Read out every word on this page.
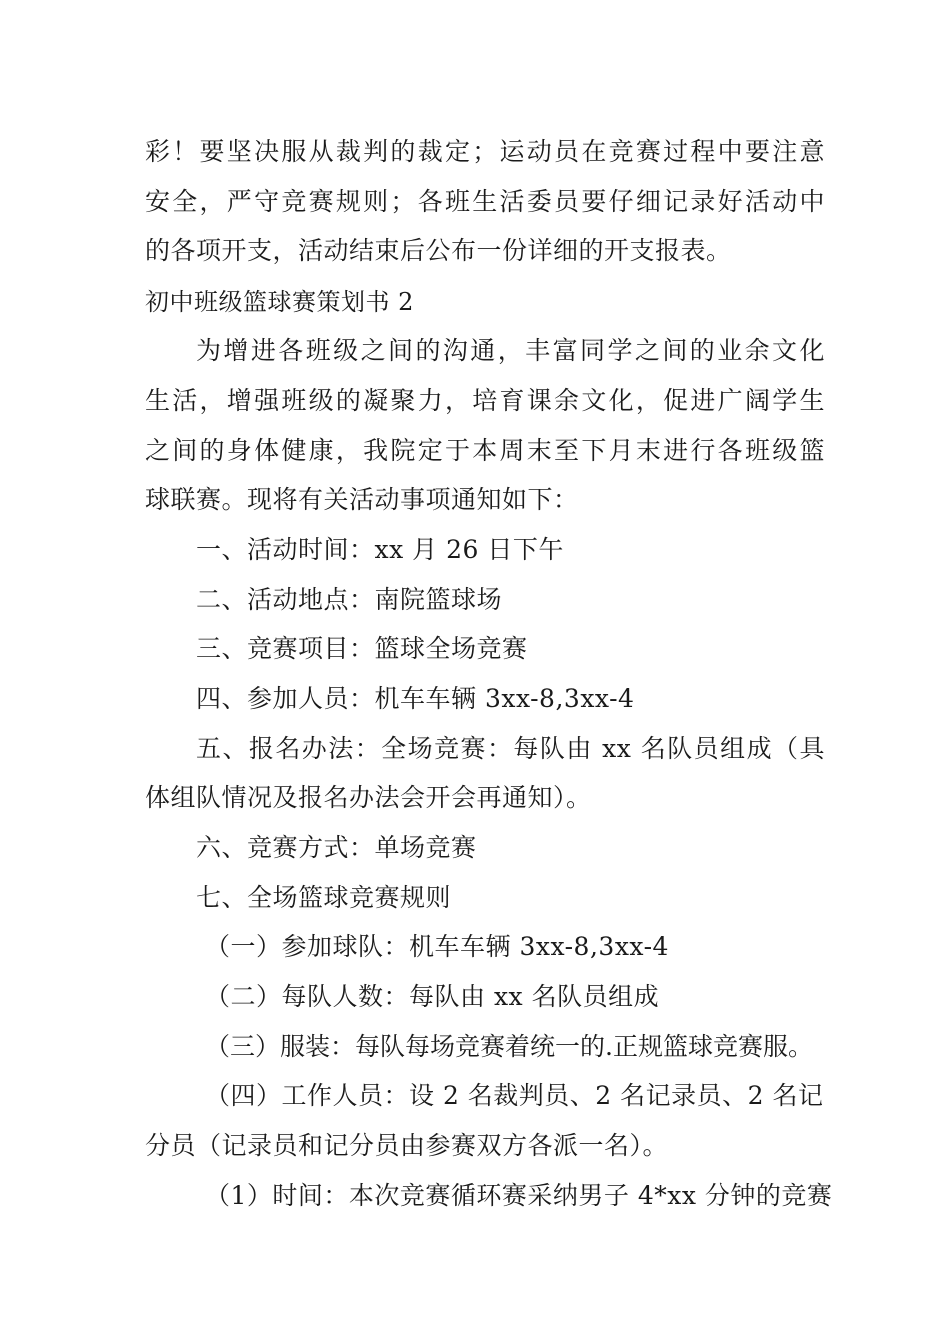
彩！要坚决服从裁判的裁定；运动员在竞赛过程中要注意
安全，严守竞赛规则；各班生活委员要仔细记录好活动中
的各项开支，活动结束后公布一份详细的开支报表。
初中班级篮球赛策划书 2
为增进各班级之间的沟通，丰富同学之间的业余文化
生活，增强班级的凝聚力，培育课余文化，促进广阔学生
之间的身体健康，我院定于本周末至下月末进行各班级篮
球联赛。现将有关活动事项通知如下：
一、活动时间：xx 月 26 日下午
二、活动地点：南院篮球场
三、竞赛项目：篮球全场竞赛
四、参加人员：机车车辆 3xx-8,3xx-4
五、报名办法：全场竞赛：每队由 xx 名队员组成（具
体组队情况及报名办法会开会再通知）。
六、竞赛方式：单场竞赛
七、全场篮球竞赛规则
（一）参加球队：机车车辆 3xx-8,3xx-4
（二）每队人数：每队由 xx 名队员组成
（三）服装：每队每场竞赛着统一的.正规篮球竞赛服。
（四）工作人员：设 2 名裁判员、2 名记录员、2 名记
分员（记录员和记分员由参赛双方各派一名）。
（1）时间：本次竞赛循环赛采纳男子 4*xx 分钟的竞赛
